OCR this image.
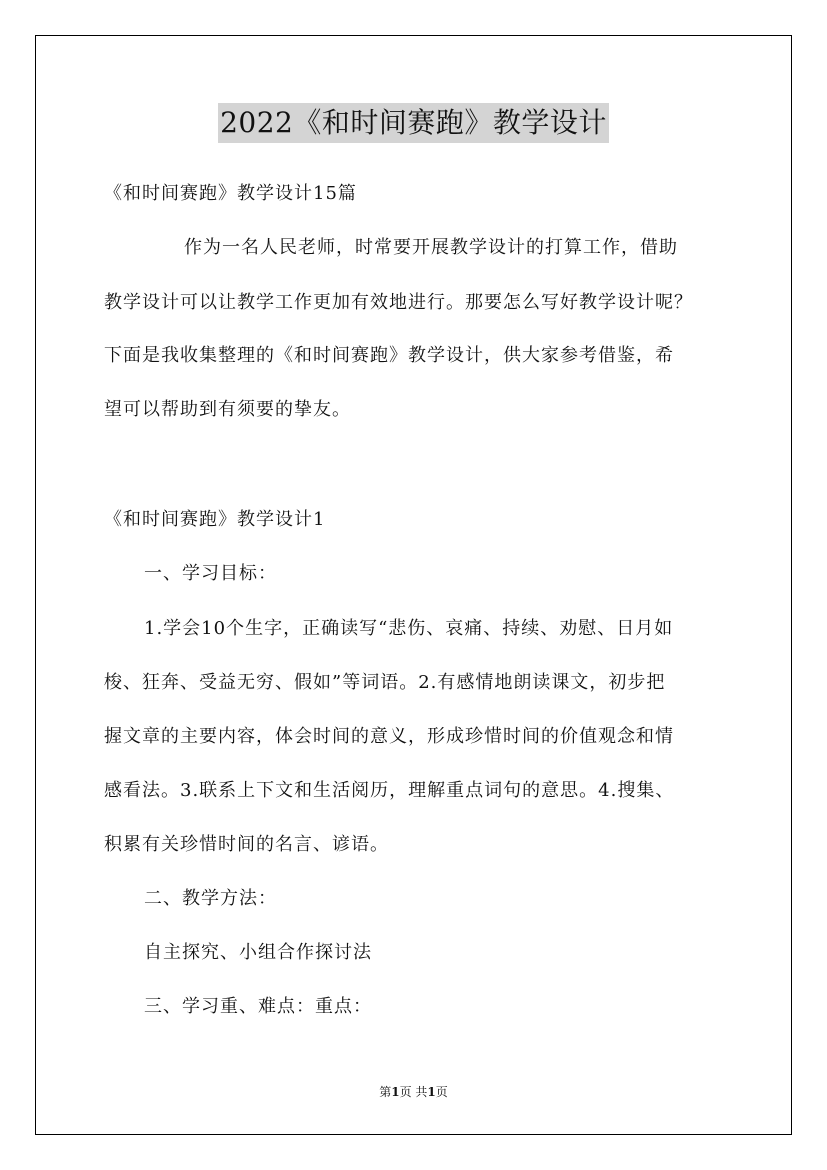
2022《和时间赛跑》教学设计
《和时间赛跑》教学设计15篇
作为一名人民老师，时常要开展教学设计的打算工作，借助
教学设计可以让教学工作更加有效地进行。那要怎么写好教学设计呢？
下面是我收集整理的《和时间赛跑》教学设计，供大家参考借鉴，希
望可以帮助到有须要的挚友。
《和时间赛跑》教学设计1
一、学习目标：
1.学会10个生字，正确读写“悲伤、哀痛、持续、劝慰、日月如
梭、狂奔、受益无穷、假如”等词语。2.有感情地朗读课文，初步把
握文章的主要内容，体会时间的意义，形成珍惜时间的价值观念和情
感看法。3.联系上下文和生活阅历，理解重点词句的意思。4.搜集、
积累有关珍惜时间的名言、谚语。
二、教学方法：
自主探究、小组合作探讨法
三、学习重、难点：重点：
第1页 共1页
